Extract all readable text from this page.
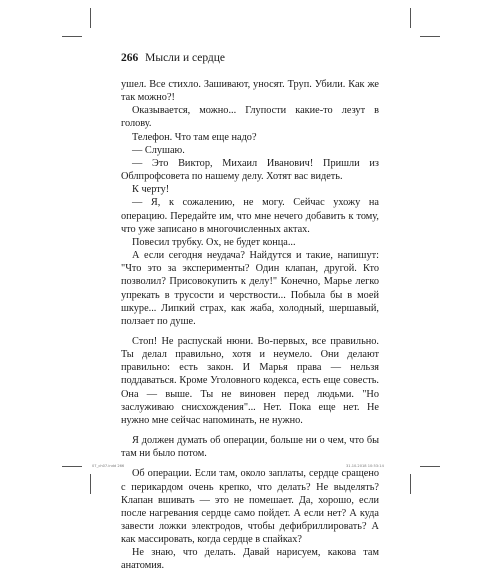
266 Мысли и сердце

ушел. Все стихло. Зашивают, уносят. Труп. Убили. Как же так можно?!

Оказывается, можно... Глупости какие-то лезут в голову.

Телефон. Что там еще надо?

— Слушаю.

— Это Виктор, Михаил Иванович! Пришли из Облпрофсовета по нашему делу. Хотят вас видеть.

К черту!

— Я, к сожалению, не могу. Сейчас ухожу на операцию. Передайте им, что мне нечего добавить к тому, что уже записано в многочисленных актах.

Повесил трубку. Ох, не будет конца...

А если сегодня неудача? Найдутся и такие, напишут: "Что это за эксперименты? Один клапан, другой. Кто позволил? Присовокупить к делу!" Конечно, Марье легко упрекать в трусости и черствости... Побыла бы в моей шкуре... Липкий страх, как жаба, холодный, шершавый, ползает по душе.

Стоп! Не распускай нюни. Во-первых, все правильно. Ты делал правильно, хотя и неумело. Они делают правильно: есть закон. И Марья права — нельзя поддаваться. Кроме Уголовного кодекса, есть еще совесть. Она — выше. Ты не виновен перед людьми. "Но заслуживаю снисхождения"... Нет. Пока еще нет. Не нужно мне сейчас напоминать, не нужно.

Я должен думать об операции, больше ни о чем, что бы там ни было потом.

Об операции. Если там, около заплаты, сердце сращено с перикардом очень крепко, что делать? Не выделять? Клапан вшивать — это не помешает. Да, хорошо, если после нагревания сердце само пойдет. А если нет? А куда завести ложки электродов, чтобы дефибриллировать? А как массировать, когда сердце в спайках?

Не знаю, что делать. Давай нарисуем, какова там анатомия.

07_ch07.indd 266	31.10.2018 10:53:14
